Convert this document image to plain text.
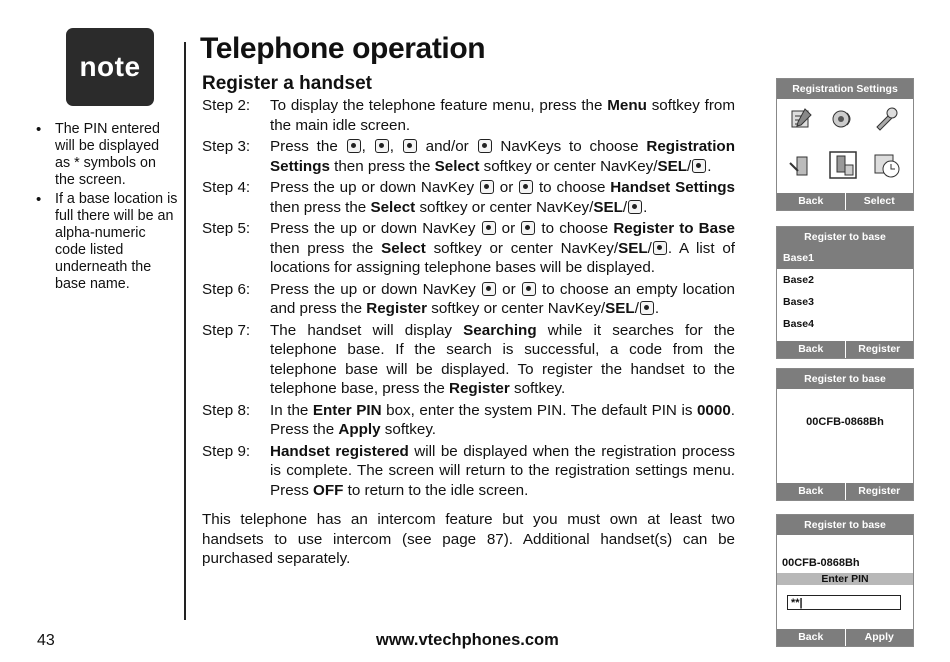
note
• The PIN entered will be displayed as * symbols on the screen.
• If a base location is full there will be an alpha-numeric code listed underneath the base name.
Telephone operation
Register a handset
Step 2:	To display the telephone feature menu, press the Menu softkey from the main idle screen.
Step 3:	Press the , ,  and/or  NavKeys to choose Registration Settings then press the Select softkey or center NavKey/SEL/ .
Step 4:	Press the up or down NavKey  or  to choose Handset Settings then press the Select softkey or center NavKey/SEL/ .
Step 5:	Press the up or down NavKey  or  to choose Register to Base then press the Select softkey or center NavKey/SEL/ . A list of locations for assigning telephone bases will be displayed.
Step 6:	Press the up or down NavKey  or  to choose an empty location and press the Register softkey or center NavKey/SEL/ .
Step 7:	The handset will display Searching while it searches for the telephone base. If the search is successful, a code from the telephone base will be displayed. To register the handset to the telephone base, press the Register softkey.
Step 8:	In the Enter PIN box, enter the system PIN. The default PIN is 0000. Press the Apply softkey.
Step 9:	Handset registered will be displayed when the registration process is complete. The screen will return to the registration settings menu. Press OFF to return to the idle screen.
This telephone has an intercom feature but you must own at least two handsets to use intercom (see page 87). Additional handset(s) can be purchased separately.
43	www.vtechphones.com
Registration Settings
Back	Select
Register to base
Base1
Base2
Base3
Base4
Back	Register
Register to base
00CFB-0868Bh
Back	Register
Register to base
00CFB-0868Bh
Enter PIN
**|
Back	Apply
